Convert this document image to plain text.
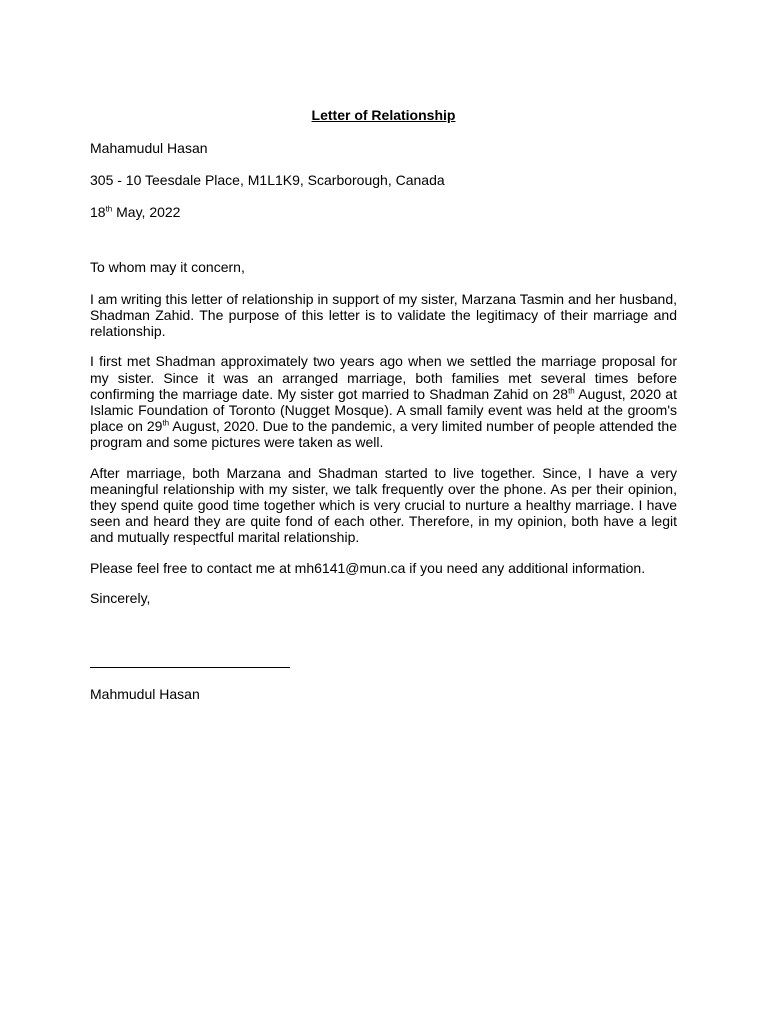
Letter of Relationship
Mahamudul Hasan
305 - 10 Teesdale Place, M1L1K9, Scarborough, Canada
18th May, 2022
To whom may it concern,

I am writing this letter of relationship in support of my sister, Marzana Tasmin and her husband, Shadman Zahid. The purpose of this letter is to validate the legitimacy of their marriage and relationship.

I first met Shadman approximately two years ago when we settled the marriage proposal for my sister. Since it was an arranged marriage, both families met several times before confirming the marriage date. My sister got married to Shadman Zahid on 28th August, 2020 at Islamic Foundation of Toronto (Nugget Mosque). A small family event was held at the groom's place on 29th August, 2020. Due to the pandemic, a very limited number of people attended the program and some pictures were taken as well.

After marriage, both Marzana and Shadman started to live together. Since, I have a very meaningful relationship with my sister, we talk frequently over the phone. As per their opinion, they spend quite good time together which is very crucial to nurture a healthy marriage. I have seen and heard they are quite fond of each other. Therefore, in my opinion, both have a legit and mutually respectful marital relationship.

Please feel free to contact me at mh6141@mun.ca if you need any additional information.

Sincerely,
Mahmudul Hasan
